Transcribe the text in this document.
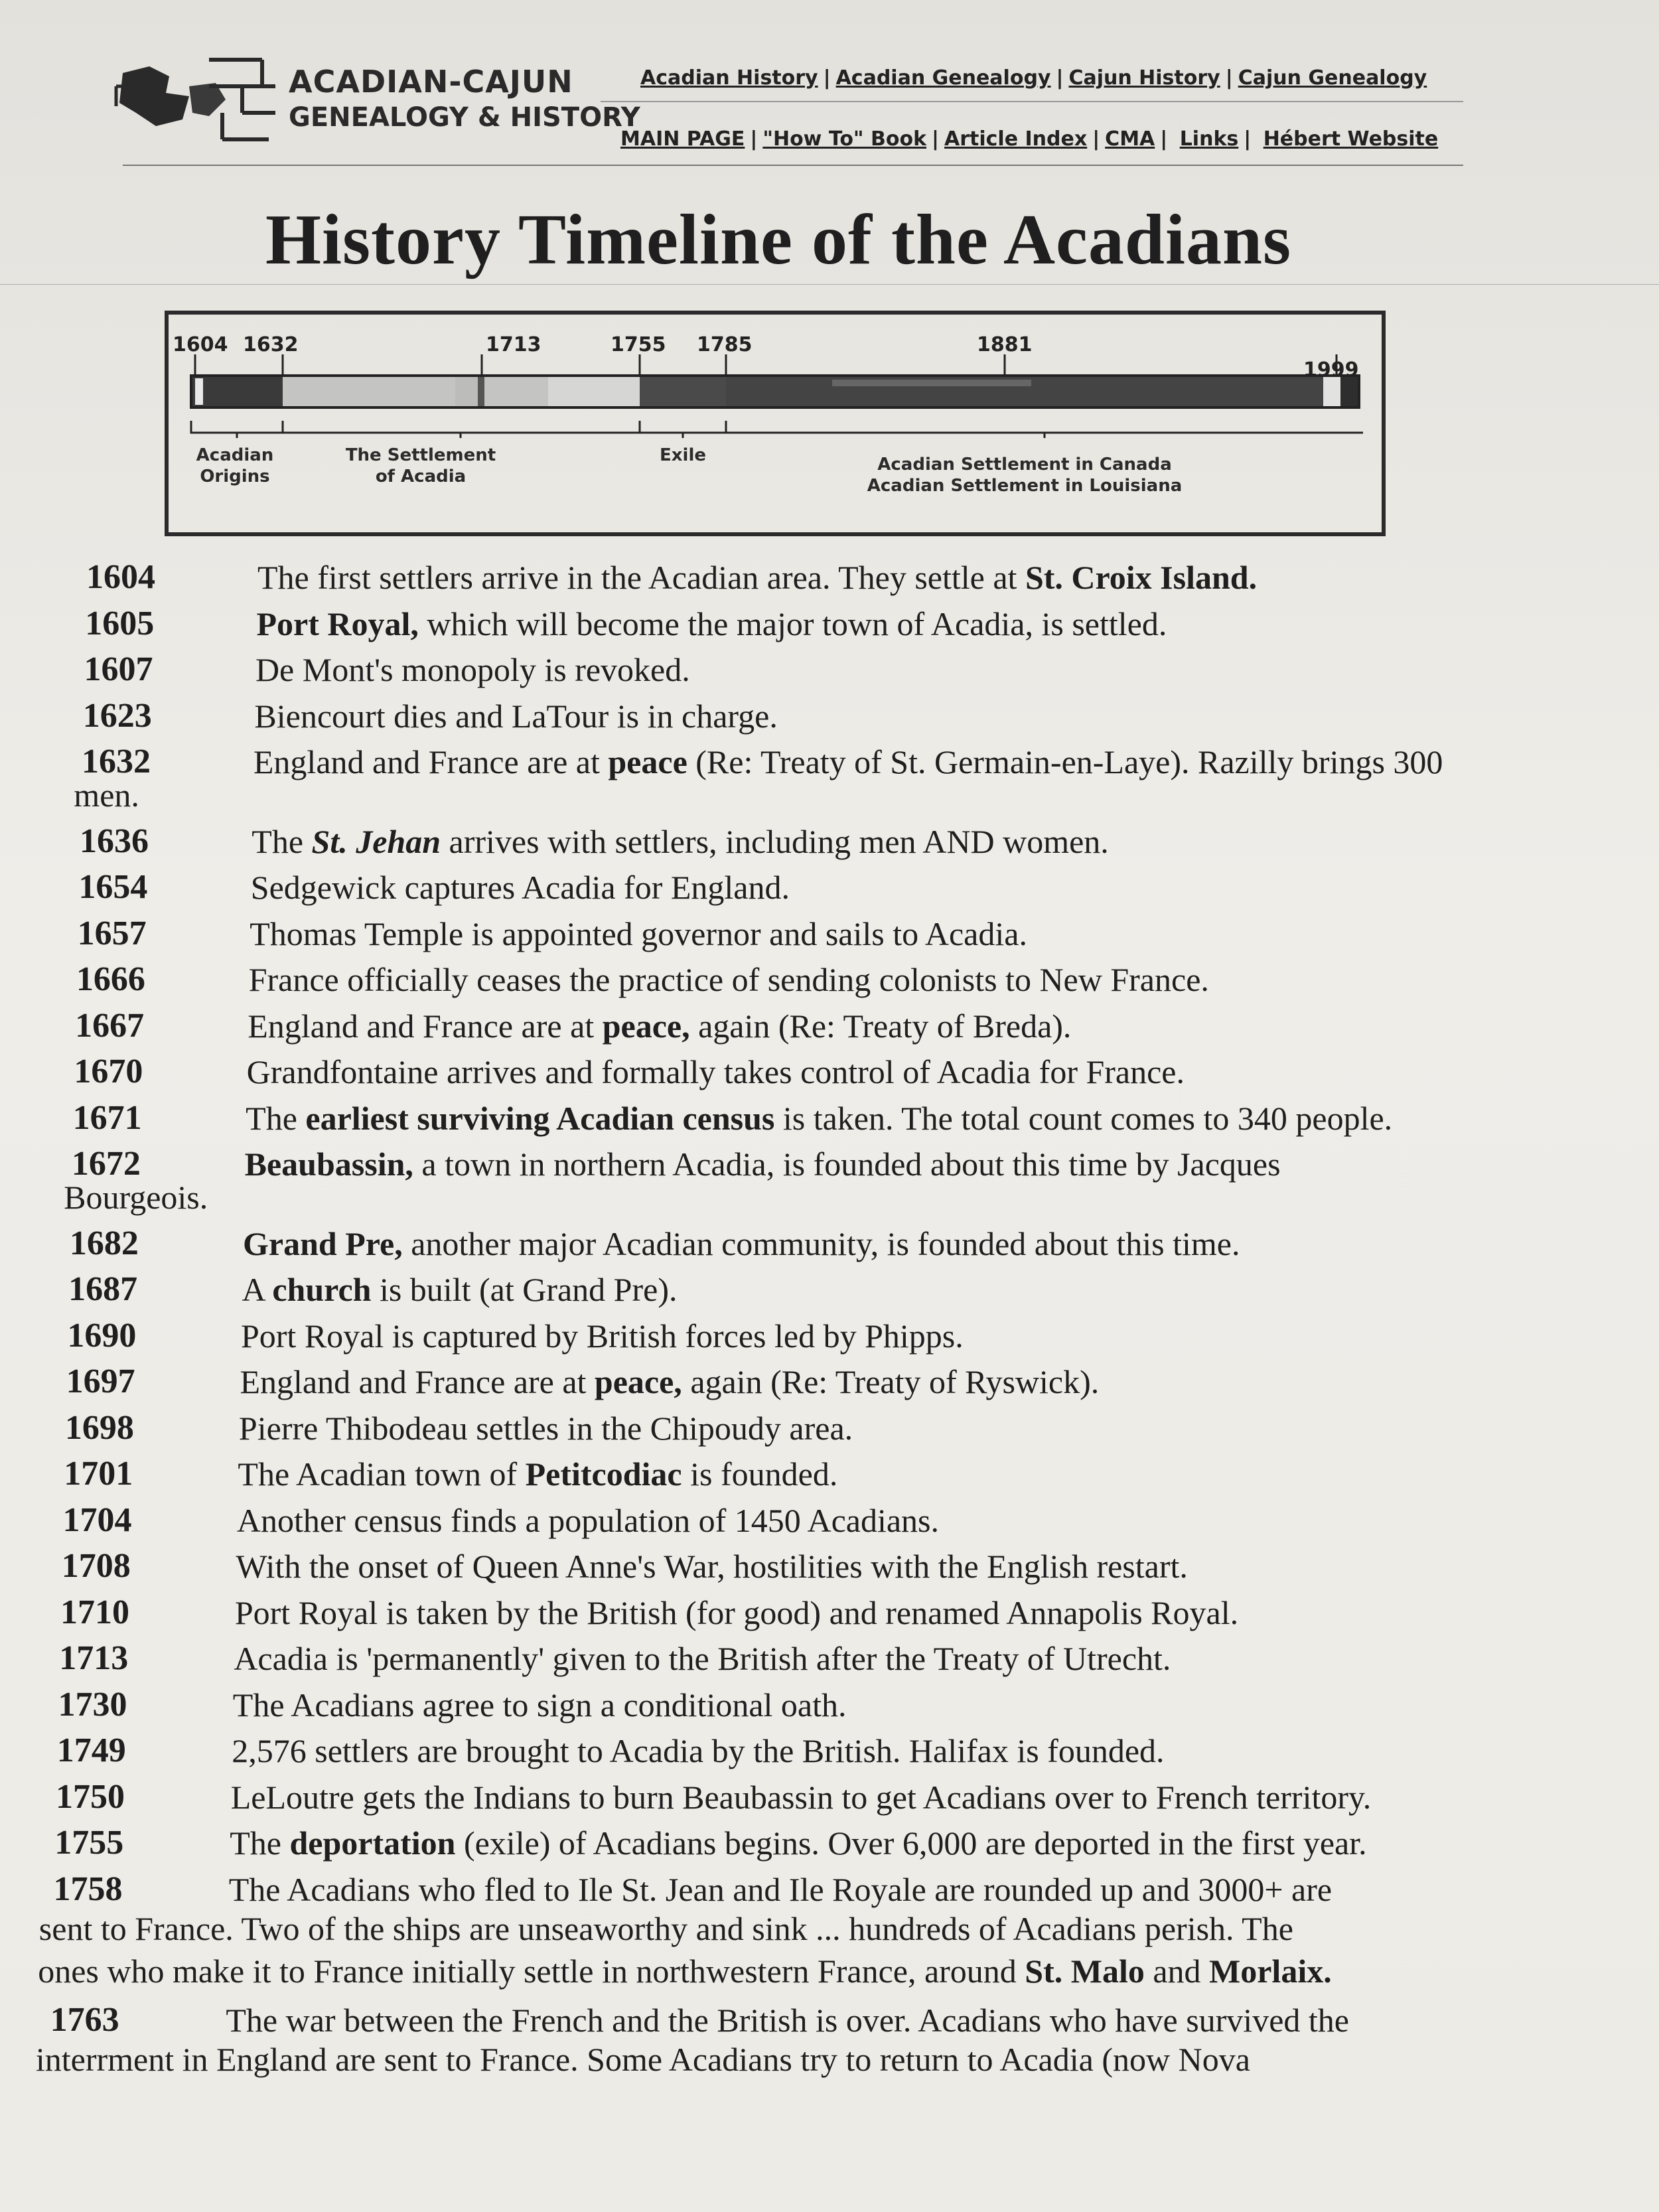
ACADIAN-CAJUN
GENEALOGY & HISTORY
Acadian History | Acadian Genealogy | Cajun History | Cajun Genealogy
MAIN PAGE | "How To" Book | Article Index | CMA | Links | Hébert Website
History Timeline of the Acadians
1604 1632	1713	1755 1785	1881
1999
Acadian
Origins
The Settlement
of Acadia
Exile	Acadian Settlement in Canada
Acadian Settlement in Louisiana
1604	The first settlers arrive in the Acadian area. They settle at St. Croix Island.
1605	Port Royal, which will become the major town of Acadia, is settled.
1607	De Mont's monopoly is revoked.
1623	Biencourt dies and LaTour is in charge.
1632	England and France are at peace (Re: Treaty of St. Germain-en-Laye). Razilly brings 300
men.
1636	The St. Jehan arrives with settlers, including men AND women.
1654	Sedgewick captures Acadia for England.
1657	Thomas Temple is appointed governor and sails to Acadia.
1666	France officially ceases the practice of sending colonists to New France.
1667	England and France are at peace, again (Re: Treaty of Breda).
1670	Grandfontaine arrives and formally takes control of Acadia for France.
1671	The earliest surviving Acadian census is taken. The total count comes to 340 people.
1672	Beaubassin, a town in northern Acadia, is founded about this time by Jacques
Bourgeois.
1682	Grand Pre, another major Acadian community, is founded about this time.
1687	A church is built (at Grand Pre).
1690	Port Royal is captured by British forces led by Phipps.
1697	England and France are at peace, again (Re: Treaty of Ryswick).
1698	Pierre Thibodeau settles in the Chipoudy area.
1701	The Acadian town of Petitcodiac is founded.
1704	Another census finds a population of 1450 Acadians.
1708	With the onset of Queen Anne's War, hostilities with the English restart.
1710	Port Royal is taken by the British (for good) and renamed Annapolis Royal.
1713	Acadia is 'permanently' given to the British after the Treaty of Utrecht.
1730	The Acadians agree to sign a conditional oath.
1749	2,576 settlers are brought to Acadia by the British. Halifax is founded.
1750	LeLoutre gets the Indians to burn Beaubassin to get Acadians over to French territory.
1755	The deportation (exile) of Acadians begins. Over 6,000 are deported in the first year.
1758	The Acadians who fled to Ile St. Jean and Ile Royale are rounded up and 3000+ are
sent to France. Two of the ships are unseaworthy and sink ... hundreds of Acadians perish. The
ones who make it to France initially settle in northwestern France, around St. Malo and Morlaix.
1763	The war between the French and the British is over. Acadians who have survived the
interrment in England are sent to France. Some Acadians try to return to Acadia (now Nova
